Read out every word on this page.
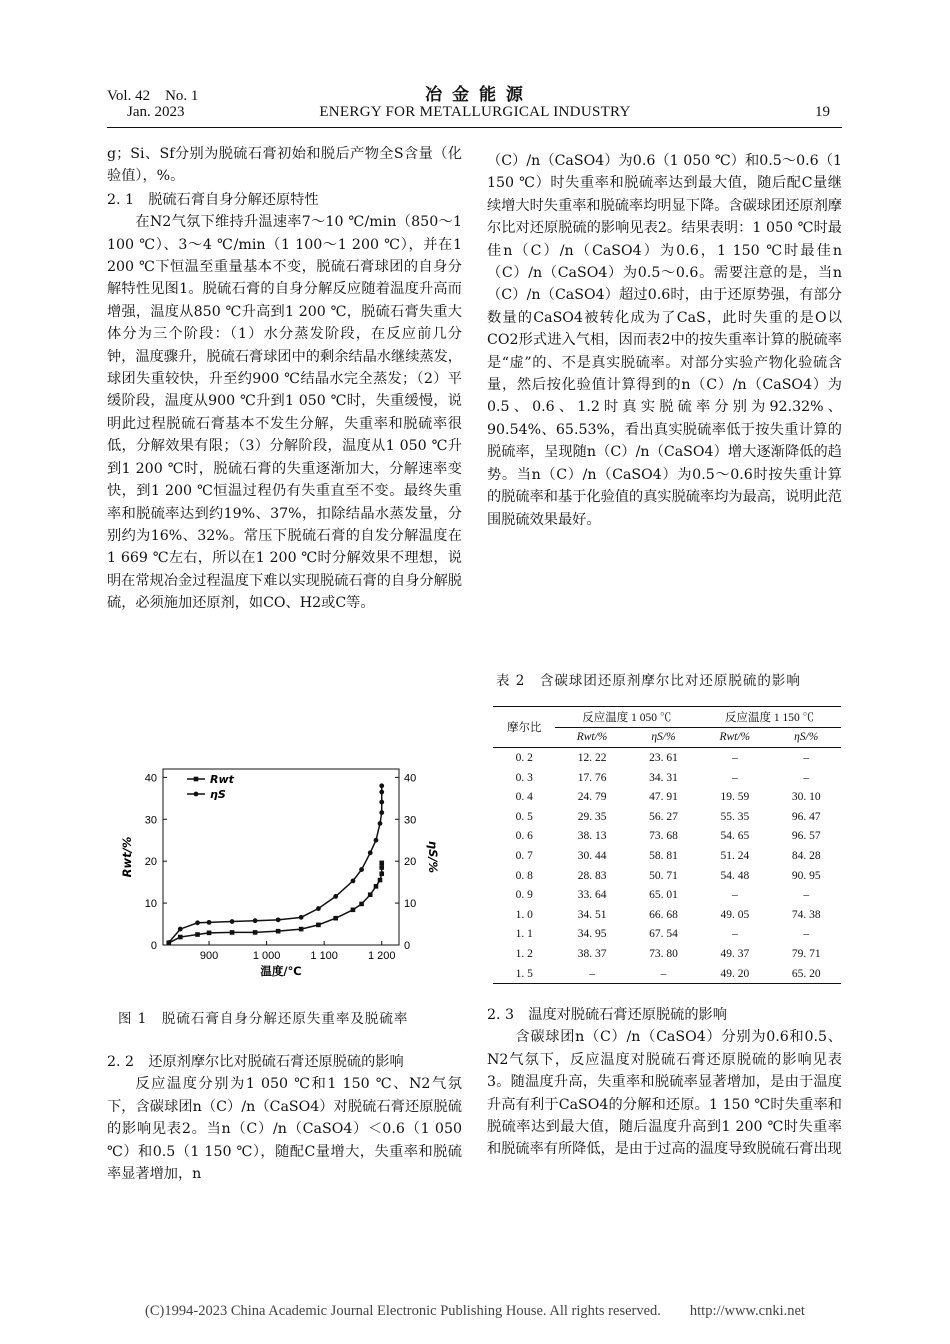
Vol. 42　No. 1
Jan. 2023
冶 金 能 源
ENERGY FOR METALLURGICAL INDUSTRY	19

g；Si、Sf分别为脱硫石膏初始和脱后产物全S含量（化验值），%。

2. 1　脱硫石膏自身分解还原特性

在N2气氛下维持升温速率7～10 ℃/min（850～1 100 ℃）、3～4 ℃/min（1 100～1 200 ℃），并在1 200 ℃下恒温至重量基本不变，脱硫石膏球团的自身分解特性见图1。脱硫石膏的自身分解反应随着温度升高而增强，温度从850 ℃升高到1 200 ℃，脱硫石膏失重大体分为三个阶段：（1）水分蒸发阶段，在反应前几分钟，温度骤升，脱硫石膏球团中的剩余结晶水继续蒸发，球团失重较快，升至约900 ℃结晶水完全蒸发；（2）平缓阶段，温度从900 ℃升到1 050 ℃时，失重缓慢，说明此过程脱硫石膏基本不发生分解，失重率和脱硫率很低，分解效果有限；（3）分解阶段，温度从1 050 ℃升到1 200 ℃时，脱硫石膏的失重逐渐加大，分解速率变快，到1 200 ℃恒温过程仍有失重直至不变。最终失重率和脱硫率达到约19%、37%，扣除结晶水蒸发量，分别约为16%、32%。常压下脱硫石膏的自发分解温度在1 669 ℃左右，所以在1 200 ℃时分解效果不理想，说明在常规冶金过程温度下难以实现脱硫石膏的自身分解脱硫，必须施加还原剂，如CO、H2或C等。

0	0
10	10
20	20
30	30
40	40
900	1 000	1 100	1 200
温度/℃
Rwt/%	ηS/%
Rwt
ηS
图 1　脱硫石膏自身分解还原失重率及脱硫率
2. 2　还原剂摩尔比对脱硫石膏还原脱硫的影响

反应温度分别为1 050 ℃和1 150 ℃、N2气氛下，含碳球团n（C）/n（CaSO4）对脱硫石膏还原脱硫的影响见表2。当n（C）/n（CaSO4）＜0.6（1 050 ℃）和0.5（1 150 ℃），随配C量增大，失重率和脱硫率显著增加，n

（C）/n（CaSO4）为0.6（1 050 ℃）和0.5～0.6（1 150 ℃）时失重率和脱硫率达到最大值，随后配C量继续增大时失重率和脱硫率均明显下降。含碳球团还原剂摩尔比对还原脱硫的影响见表2。结果表明：1 050 ℃时最佳n（C）/n（CaSO4）为0.6，1 150 ℃时最佳n（C）/n（CaSO4）为0.5～0.6。需要注意的是，当n（C）/n（CaSO4）超过0.6时，由于还原势强，有部分数量的CaSO4被转化成为了CaS，此时失重的是O以CO2形式进入气相，因而表2中的按失重率计算的脱硫率是“虚”的、不是真实脱硫率。对部分实验产物化验硫含量，然后按化验值计算得到的n（C）/n（CaSO4）为0.5、0.6、1.2时真实脱硫率分别为92.32%、90.54%、65.53%，看出真实脱硫率低于按失重计算的脱硫率，呈现随n（C）/n（CaSO4）增大逐渐降低的趋势。当n（C）/n（CaSO4）为0.5～0.6时按失重计算的脱硫率和基于化验值的真实脱硫率均为最高，说明此范围脱硫效果最好。

表 2　含碳球团还原剂摩尔比对还原脱硫的影响
摩尔比	反应温度 1 050 ℃		反应温度 1 150 ℃	
	Rwt/%	ηS/%	Rwt/%	ηS/%
0. 2	12. 22	23. 61	–	–
0. 3	17. 76	34. 31	–	–
0. 4	24. 79	47. 91	19. 59	30. 10
0. 5	29. 35	56. 27	55. 35	96. 47
0. 6	38. 13	73. 68	54. 65	96. 57
0. 7	30. 44	58. 81	51. 24	84. 28
0. 8	28. 83	50. 71	54. 48	90. 95
0. 9	33. 64	65. 01	–	–
1. 0	34. 51	66. 68	49. 05	74. 38
1. 1	34. 95	67. 54	–	–
1. 2	38. 37	73. 80	49. 37	79. 71
1. 5	–	–	49. 20	65. 20
2. 3　温度对脱硫石膏还原脱硫的影响

含碳球团n（C）/n（CaSO4）分别为0.6和0.5、N2气氛下，反应温度对脱硫石膏还原脱硫的影响见表3。随温度升高，失重率和脱硫率显著增加，是由于温度升高有利于CaSO4的分解和还原。1 150 ℃时失重率和脱硫率达到最大值，随后温度升高到1 200 ℃时失重率和脱硫率有所降低，是由于过高的温度导致脱硫石膏出现

(C)1994-2023 China Academic Journal Electronic Publishing House. All rights reserved.　　http://www.cnki.net
